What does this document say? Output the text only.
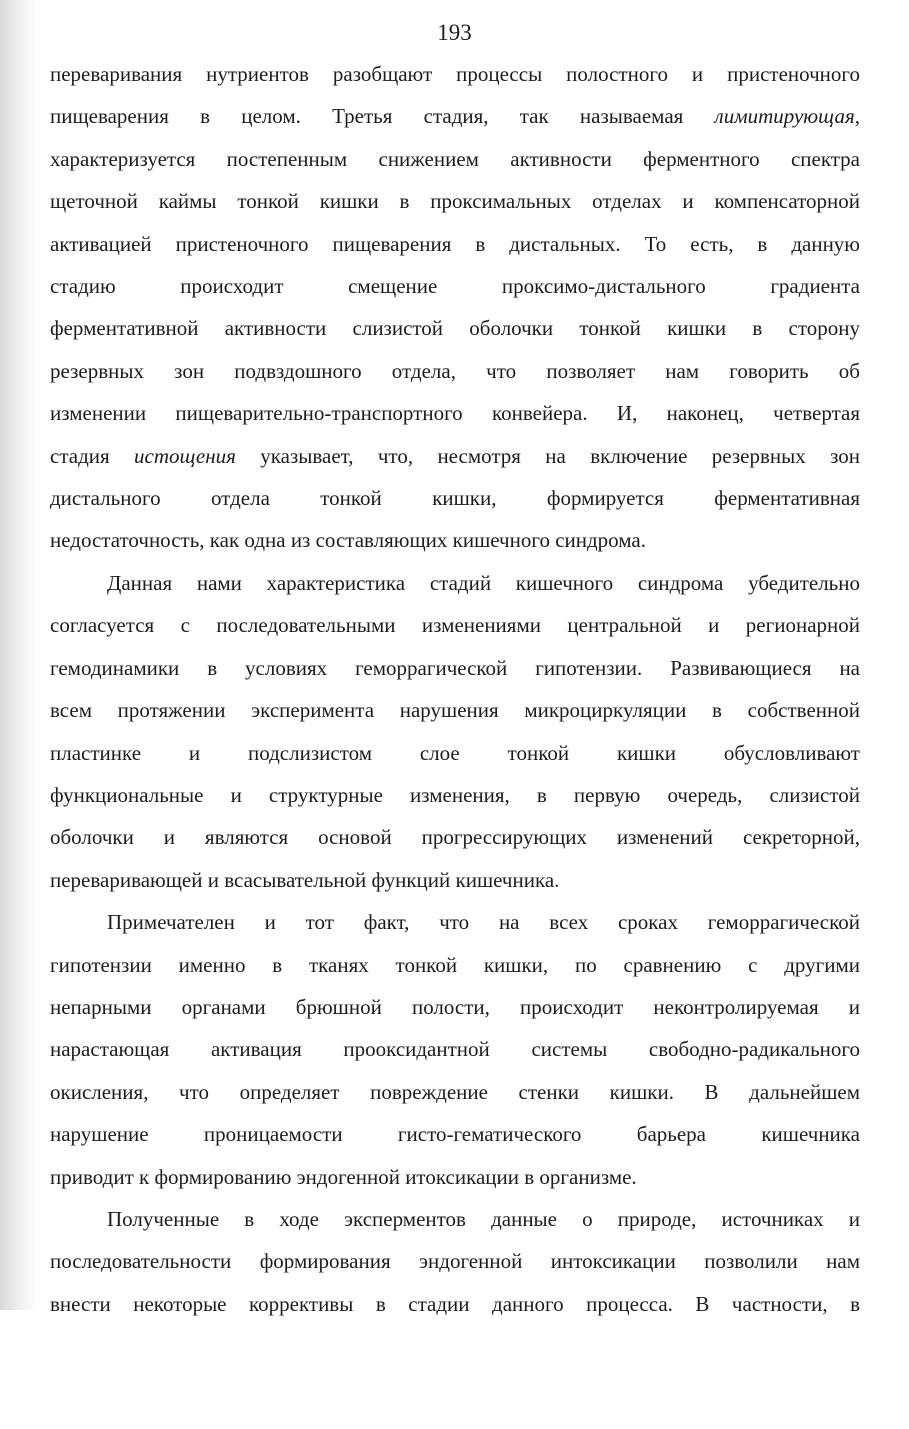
193
переваривания нутриентов разобщают процессы полостного и пристеночного
пищеварения в целом. Третья стадия, так называемая лимитирующая,
характеризуется постепенным снижением активности ферментного спектра
щеточной каймы тонкой кишки в проксимальных отделах и компенсаторной
активацией пристеночного пищеварения в дистальных. То есть, в данную
стадию происходит смещение проксимо-дистального градиента
ферментативной активности слизистой оболочки тонкой кишки в сторону
резервных зон подвздошного отдела, что позволяет нам говорить об
изменении пищеварительно-транспортного конвейера. И, наконец, четвертая
стадия истощения указывает, что, несмотря на включение резервных зон
дистального отдела тонкой кишки, формируется ферментативная
недостаточность, как одна из составляющих кишечного синдрома.
Данная нами характеристика стадий кишечного синдрома убедительно
согласуется с последовательными изменениями центральной и регионарной
гемодинамики в условиях геморрагической гипотензии. Развивающиеся на
всем протяжении эксперимента нарушения микроциркуляции в собственной
пластинке и подслизистом слое тонкой кишки обусловливают
функциональные и структурные изменения, в первую очередь, слизистой
оболочки и являются основой прогрессирующих изменений секреторной,
переваривающей и всасывательной функций кишечника.
Примечателен и тот факт, что на всех сроках геморрагической
гипотензии именно в тканях тонкой кишки, по сравнению с другими
непарными органами брюшной полости, происходит неконтролируемая и
нарастающая активация прооксидантной системы свободно-радикального
окисления, что определяет повреждение стенки кишки. В дальнейшем
нарушение проницаемости гисто-гематического барьера кишечника
приводит к формированию эндогенной итоксикации в организме.
Полученные в ходе эксперментов данные о природе, источниках и
последовательности формирования эндогенной интоксикации позволили нам
внести некоторые коррективы в стадии данного процесса. В частности, в
